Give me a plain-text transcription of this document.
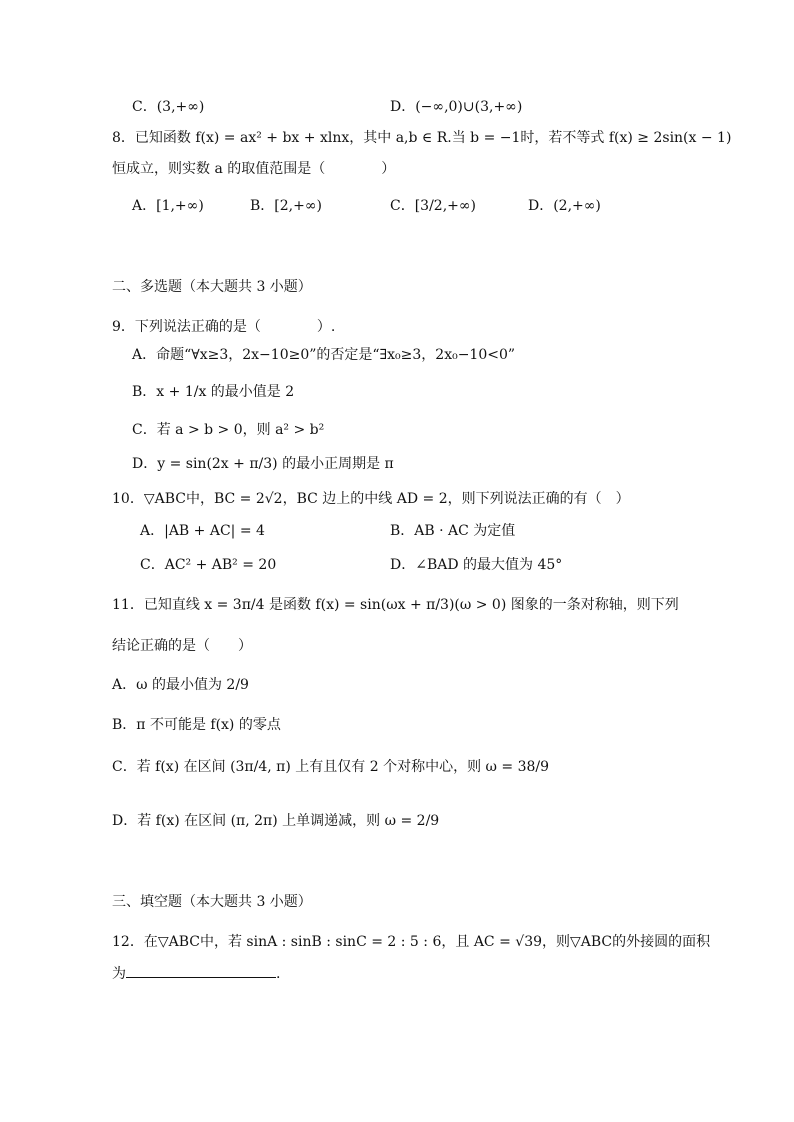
C．(3,+∞)	D．(−∞,0)∪(3,+∞)
8．已知函数 f(x) = ax² + bx + xlnx，其中 a,b ∈ R.当 b = −1时，若不等式 f(x) ≥ 2sin(x − 1)
恒成立，则实数 a 的取值范围是（　　　　）
A．[1,+∞)	B．[2,+∞)	C．[3/2,+∞)	D．(2,+∞)
二、多选题（本大题共 3 小题）
9．下列说法正确的是（　　　　）.
A．命题“∀x≥3，2x−10≥0”的否定是“∃x₀≥3，2x₀−10<0”
B．x + 1/x 的最小值是 2
C．若 a > b > 0，则 a² > b²
D．y = sin(2x + π/3) 的最小正周期是 π
10．▽ABC中，BC = 2√2，BC 边上的中线 AD = 2，则下列说法正确的有（　）
A．|AB + AC| = 4	B．AB · AC 为定值
C．AC² + AB² = 20	D．∠BAD 的最大值为 45°
11．已知直线 x = 3π/4 是函数 f(x) = sin(ωx + π/3)(ω > 0) 图象的一条对称轴，则下列
结论正确的是（　　）
A．ω 的最小值为 2/9
B．π 不可能是 f(x) 的零点
C．若 f(x) 在区间 (3π/4, π) 上有且仅有 2 个对称中心，则 ω = 38/9
D．若 f(x) 在区间 (π, 2π) 上单调递减，则 ω = 2/9
三、填空题（本大题共 3 小题）
12．在▽ABC中，若 sinA : sinB : sinC = 2 : 5 : 6，且 AC = √39，则▽ABC的外接圆的面积
为	.
